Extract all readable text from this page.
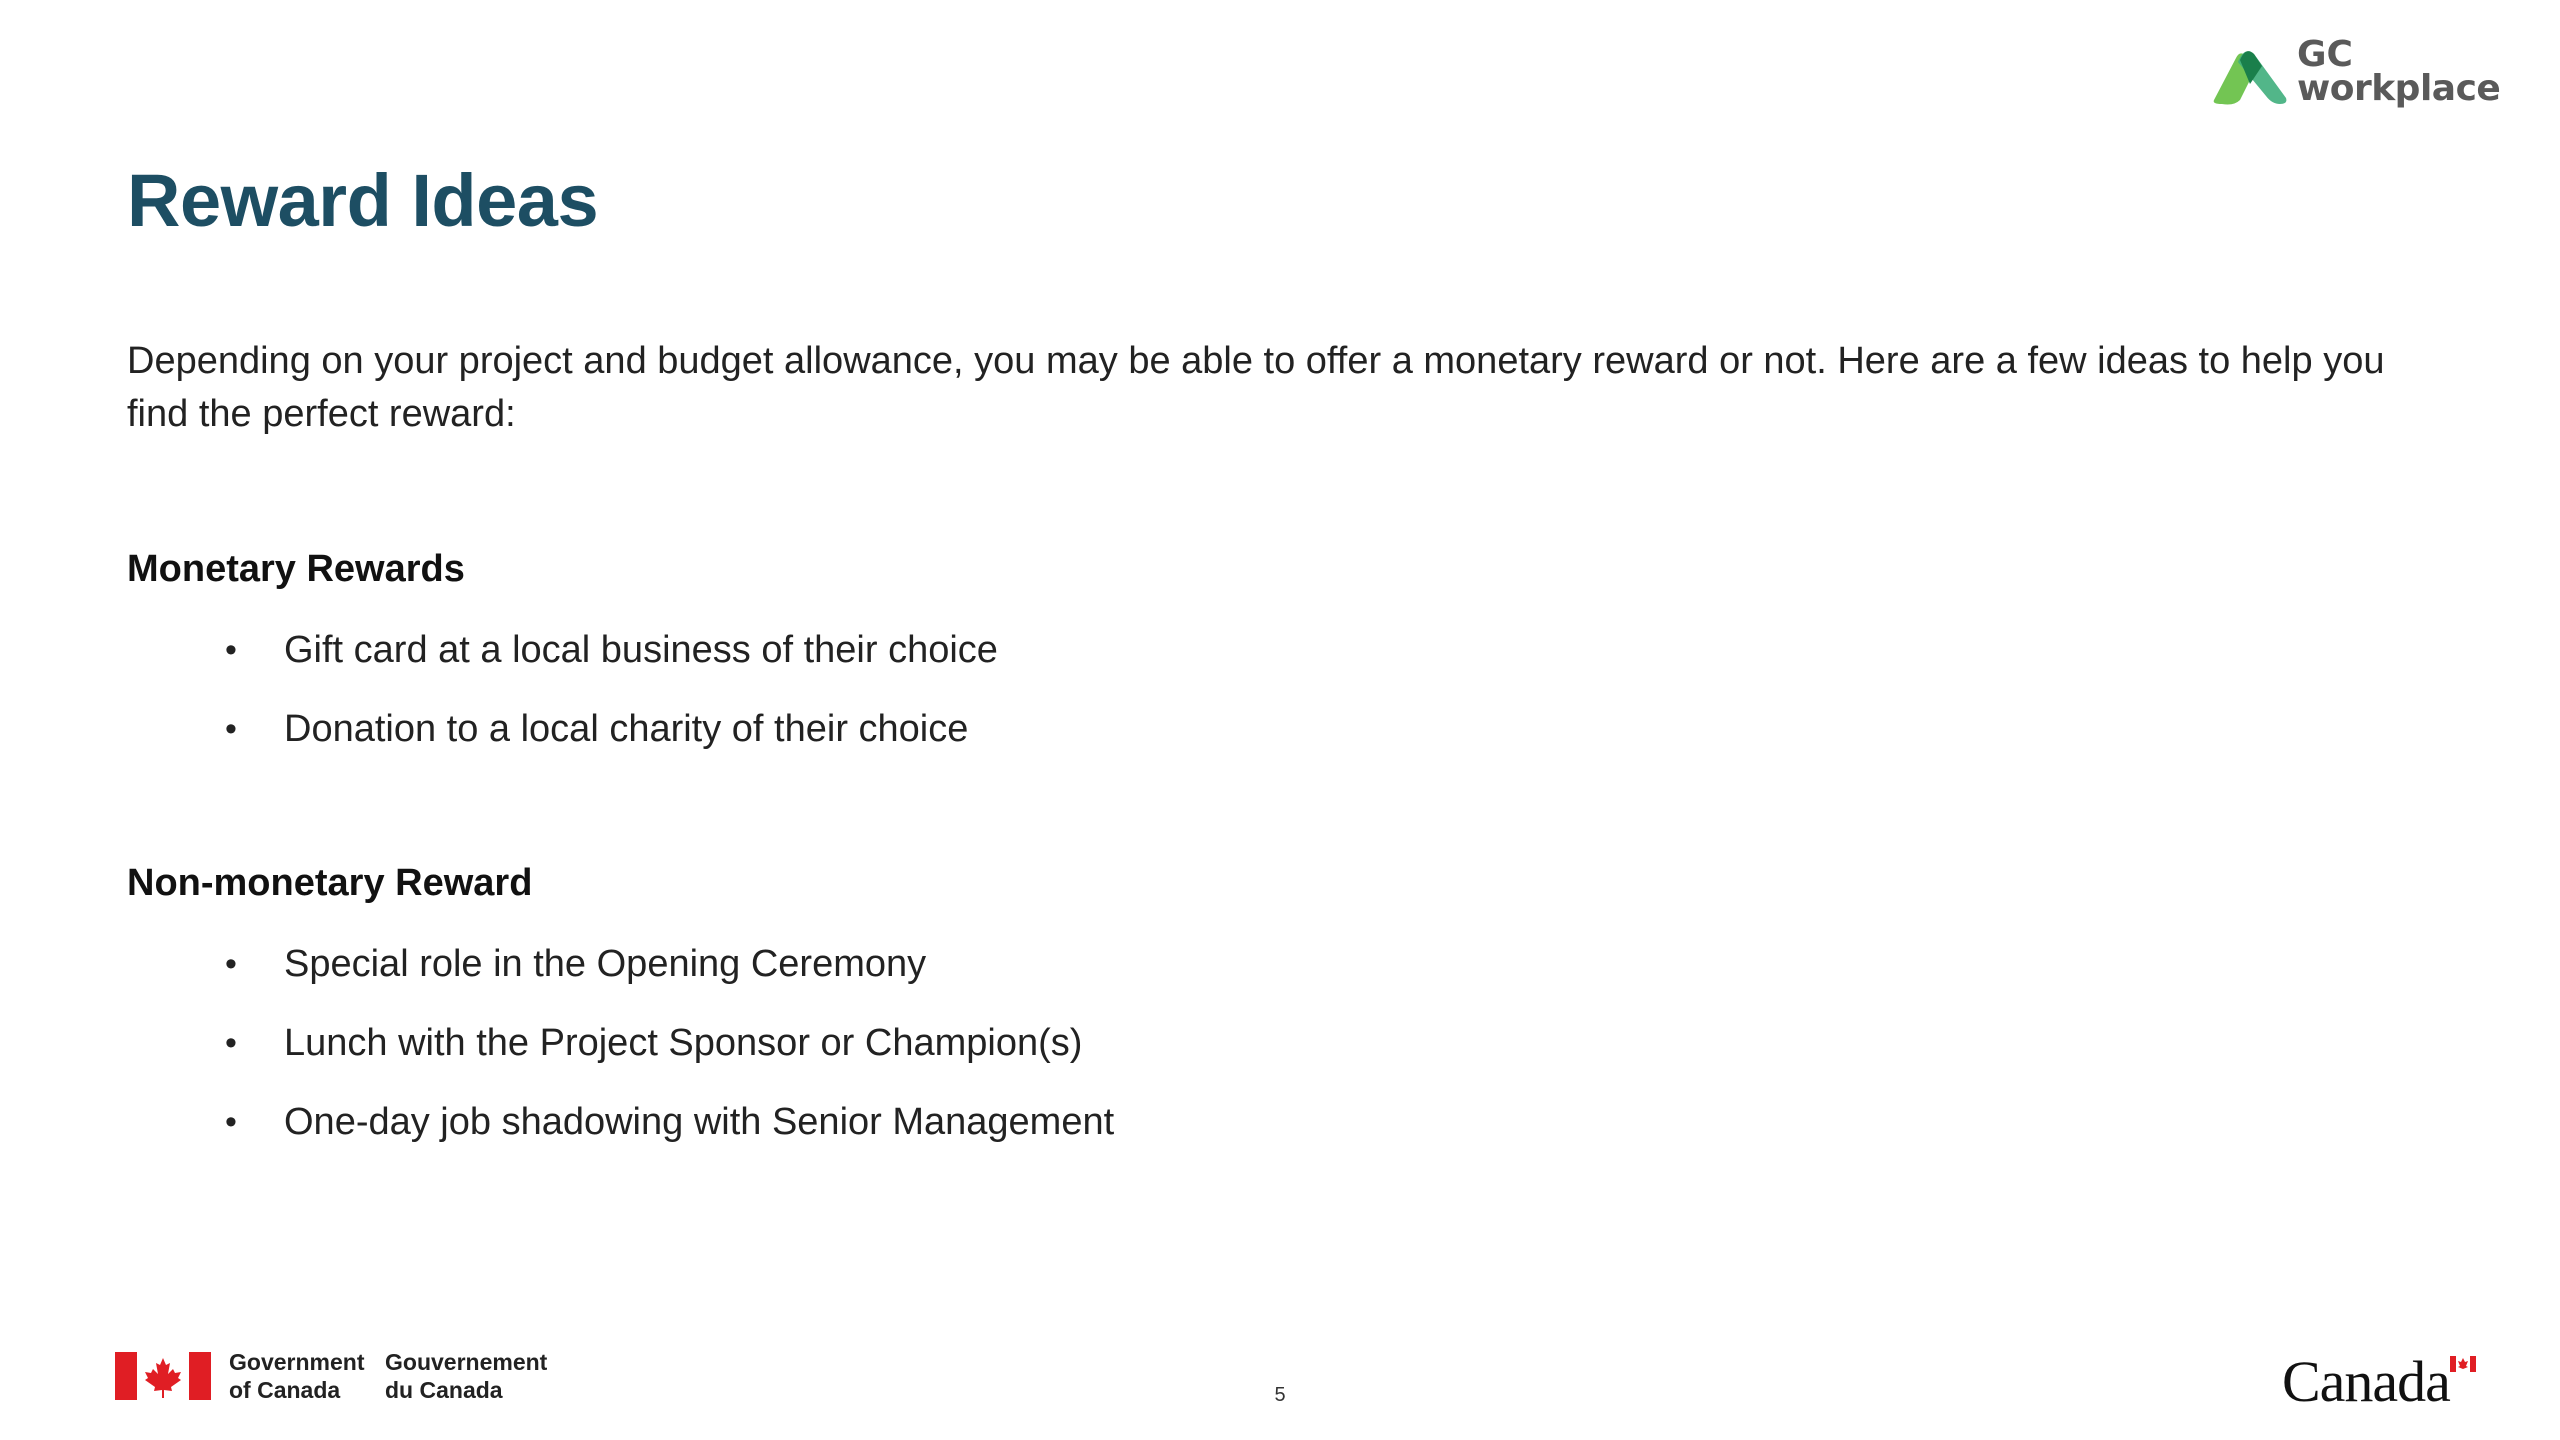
GC
workplace
Reward Ideas

Depending on your project and budget allowance, you may be able to offer a monetary reward or not. Here are a few ideas to help you find the perfect reward:

Monetary Rewards
• Gift card at a local business of their choice
• Donation to a local charity of their choice
Non-monetary Reward
• Special role in the Opening Ceremony
• Lunch with the Project Sponsor or Champion(s)
• One-day job shadowing with Senior Management
Government
of Canada
Gouvernement
du Canada	5	Canada
